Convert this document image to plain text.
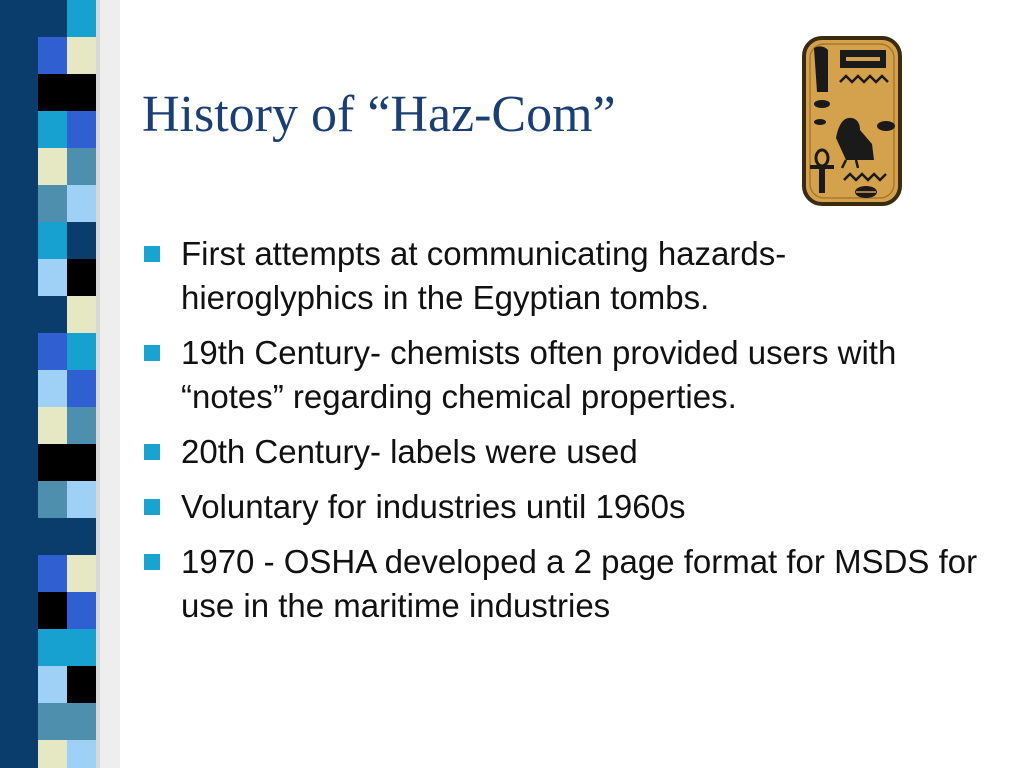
History of “Haz-Com”
First attempts at communicating hazards- hieroglyphics in the Egyptian tombs.
19th Century- chemists often provided users with “notes” regarding chemical properties.
20th Century- labels were used
Voluntary for industries until 1960s
1970 - OSHA developed a 2 page format for MSDS for use in the maritime industries
